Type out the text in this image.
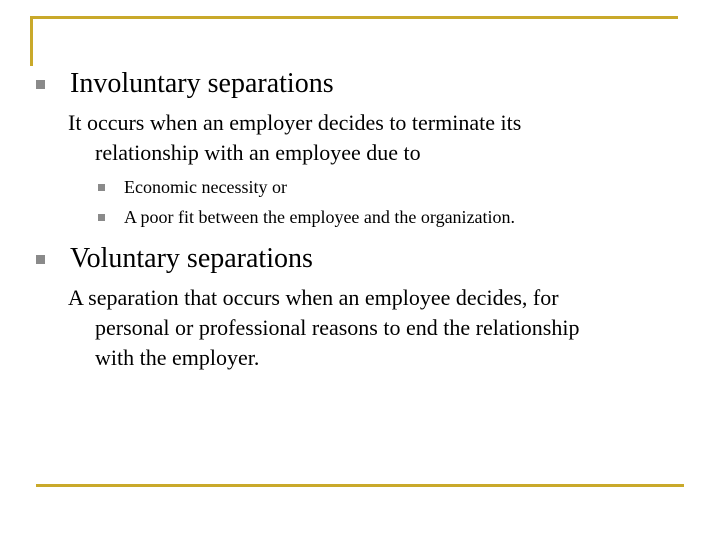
Involuntary separations
It occurs when an employer decides to terminate its
relationship with an employee due to
Economic necessity or
A poor fit between the employee and the organization.
Voluntary separations
A separation that occurs when an employee decides, for
personal or professional reasons to end the relationship
with the employer.
